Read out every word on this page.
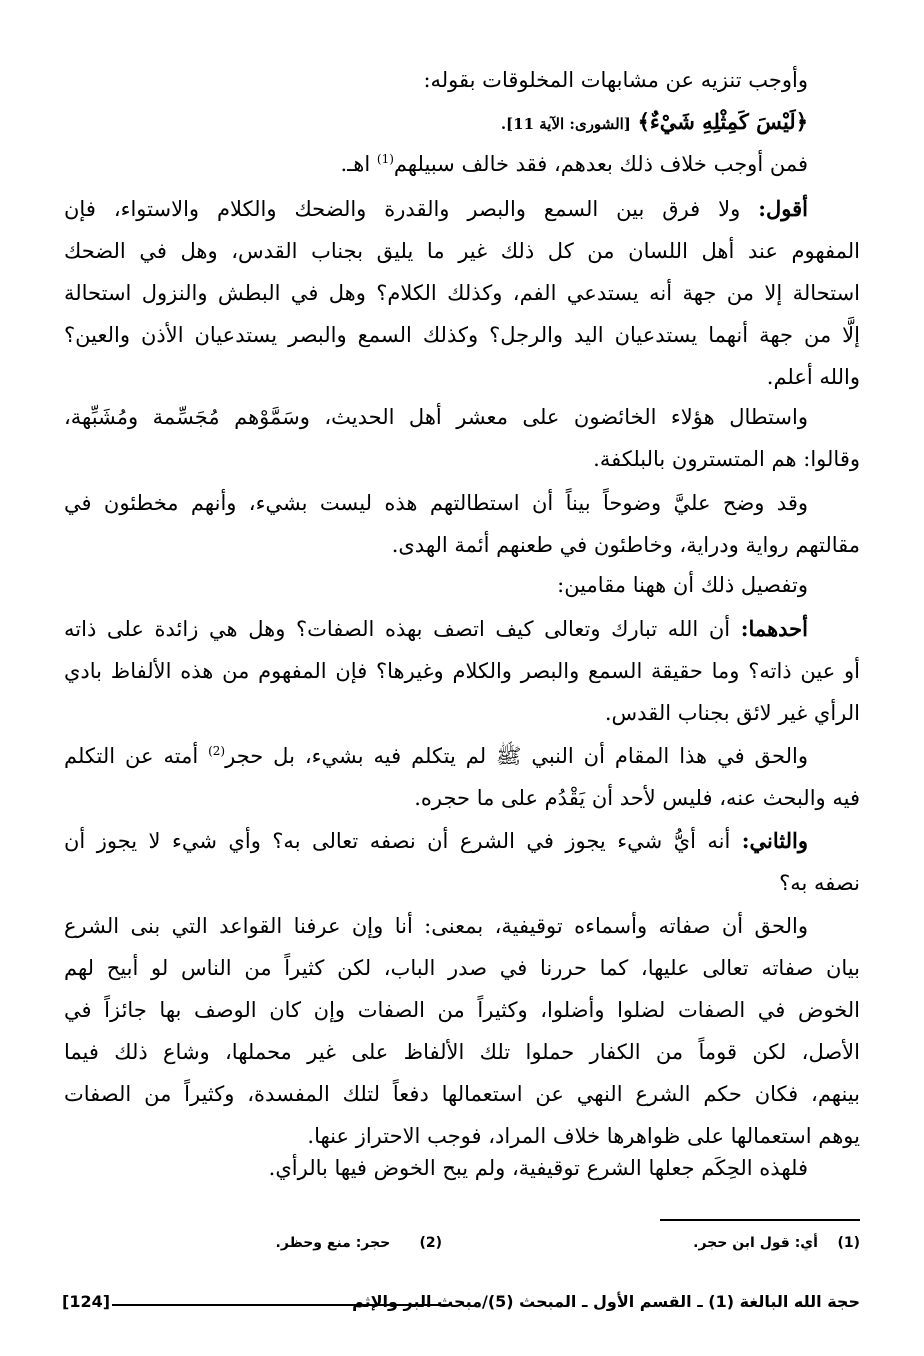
وأوجب تنزيه عن مشابهات المخلوقات بقوله:
﴿لَيْسَ كَمِثْلِهِ شَيْءٌ﴾ [الشورى: الآية 11].
فمن أوجب خلاف ذلك بعدهم، فقد خالف سبيلهم$^{(1)}$ اهـ.
أقول: ولا فرق بين السمع والبصر والقدرة والضحك والكلام والاستواء، فإن
المفهوم عند أهل اللسان من كل ذلك غير ما يليق بجناب القدس، وهل في الضحك
استحالة إلا من جهة أنه يستدعي الفم، وكذلك الكلام؟ وهل في البطش والنزول استحالة
إلَّا من جهة أنهما يستدعيان اليد والرجل؟ وكذلك السمع والبصر يستدعيان الأذن والعين؟
والله أعلم.
واستطال هؤلاء الخائضون على معشر أهل الحديث، وسَمَّوْهم مُجَسِّمة ومُشَبِّهة،
وقالوا: هم المتسترون بالبلكفة.
وقد وضح عليَّ وضوحاً بيناً أن استطالتهم هذه ليست بشيء، وأنهم مخطئون في
مقالتهم رواية ودراية، وخاطئون في طعنهم أئمة الهدى.
وتفصيل ذلك أن ههنا مقامين:
أحدهما: أن الله تبارك وتعالى كيف اتصف بهذه الصفات؟ وهل هي زائدة على ذاته
أو عين ذاته؟ وما حقيقة السمع والبصر والكلام وغيرها؟ فإن المفهوم من هذه الألفاظ بادي
الرأي غير لائق بجناب القدس.
والحق في هذا المقام أن النبي ﷺ لم يتكلم فيه بشيء، بل حجر$^{(2)}$ أمته عن التكلم
فيه والبحث عنه، فليس لأحد أن يَقْدُم على ما حجره.
والثاني: أنه أيُّ شيء يجوز في الشرع أن نصفه تعالى به؟ وأي شيء لا يجوز أن
نصفه به؟
والحق أن صفاته وأسماءه توقيفية، بمعنى: أنا وإن عرفنا القواعد التي بنى الشرع
بيان صفاته تعالى عليها، كما حررنا في صدر الباب، لكن كثيراً من الناس لو أبيح لهم
الخوض في الصفات لضلوا وأضلوا، وكثيراً من الصفات وإن كان الوصف بها جائزاً في
الأصل، لكن قوماً من الكفار حملوا تلك الألفاظ على غير محملها، وشاع ذلك فيما
بينهم، فكان حكم الشرع النهي عن استعمالها دفعاً لتلك المفسدة، وكثيراً من الصفات
يوهم استعمالها على ظواهرها خلاف المراد، فوجب الاحتراز عنها.
فلهذه الحِكَم جعلها الشرع توقيفية، ولم يبح الخوض فيها بالرأي.
(1)    أي: قول ابن حجر.
(2)      حجر: منع وحظر.
حجة الله البالغة (1) ـ القسم الأول ـ المبحث (5)/مبحث البر والإثم
[124]
